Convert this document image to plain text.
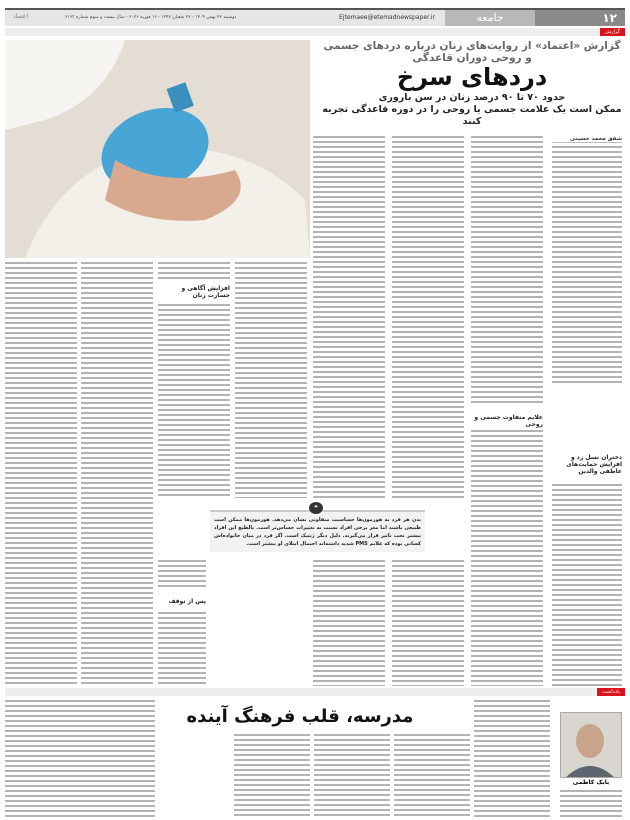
۱۲
جامعه
Ejtemaee@etemadnewspaper.ir
دوشنبه ۲۷ بهمن ۱۴۰۴ - ۲۷ شعبان ۱۴۴۷ - ۱۶ فوریه ۲۰۲۶ - سال بیست و سوم شماره ۶۱۶۳
اعتماد
گزارش
گزارش «اعتماد» از روایت‌های زنان درباره دردهای جسمی و روحی دوران قاعدگی
دردهای سرخ
حدود ۷۰ تا ۹۰ درصد زنان در سن باروری
ممکن است یک علامت جسمی یا روحی را در دوره قاعدگی تجربه کنند
شفق محمد حسینی
دختران نسل زد و افزایش حمایت‌های عاطفی والدین
علایم متفاوت جسمی و روحی
افزایش آگاهی و جسارت زنان
پس از توقف
بدن هر فرد به هورمون‌ها حساسیت متفاوتی نشان می‌دهد. هورمون‌ها ممکن است طبیعی باشند اما مغز برخی افراد نسبت به تغییرات حساس‌تر است. بالطبع این افراد بیشتر تحت تاثیر قرار می‌گیرند. دلیل دیگر ژنتیک است. اگر فرد در میان خانواده‌اش کسانی بوده که علایم PMS شدید داشته‌اند احتمال ابتلای او بیشتر است.
❝
یادداشت
مدرسه، قلب فرهنگ آینده
بابک کاظمی
